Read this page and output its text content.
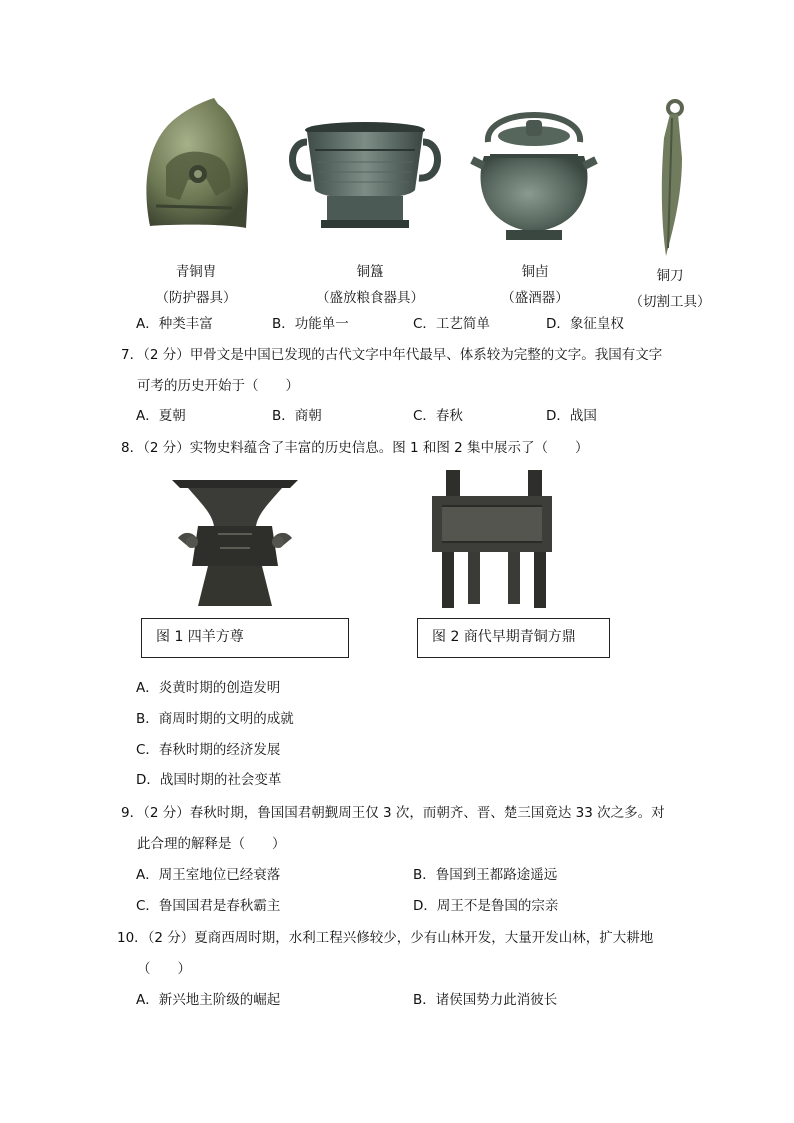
青铜胄
（防护器具）
铜簋
（盛放粮食器具）
铜卣
（盛酒器）
铜刀
（切割工具）
A．种类丰富	B．功能单一	C．工艺简单	D．象征皇权
7．（2 分）甲骨文是中国已发现的古代文字中年代最早、体系较为完整的文字。我国有文字
可考的历史开始于（　　）
A．夏朝	B．商朝	C．春秋	D．战国
8．（2 分）实物史料蕴含了丰富的历史信息。图 1 和图 2 集中展示了（　　）
图 1 四羊方尊	图 2 商代早期青铜方鼎
A．炎黄时期的创造发明
B．商周时期的文明的成就
C．春秋时期的经济发展
D．战国时期的社会变革
9．（2 分）春秋时期，鲁国国君朝觐周王仅 3 次，而朝齐、晋、楚三国竟达 33 次之多。对
此合理的解释是（　　）
A．周王室地位已经衰落	B．鲁国到王都路途遥远
C．鲁国国君是春秋霸主	D．周王不是鲁国的宗亲
10．（2 分）夏商西周时期，水利工程兴修较少，少有山林开发，大量开发山林，扩大耕地
（　　）
A．新兴地主阶级的崛起	B．诸侯国势力此消彼长
